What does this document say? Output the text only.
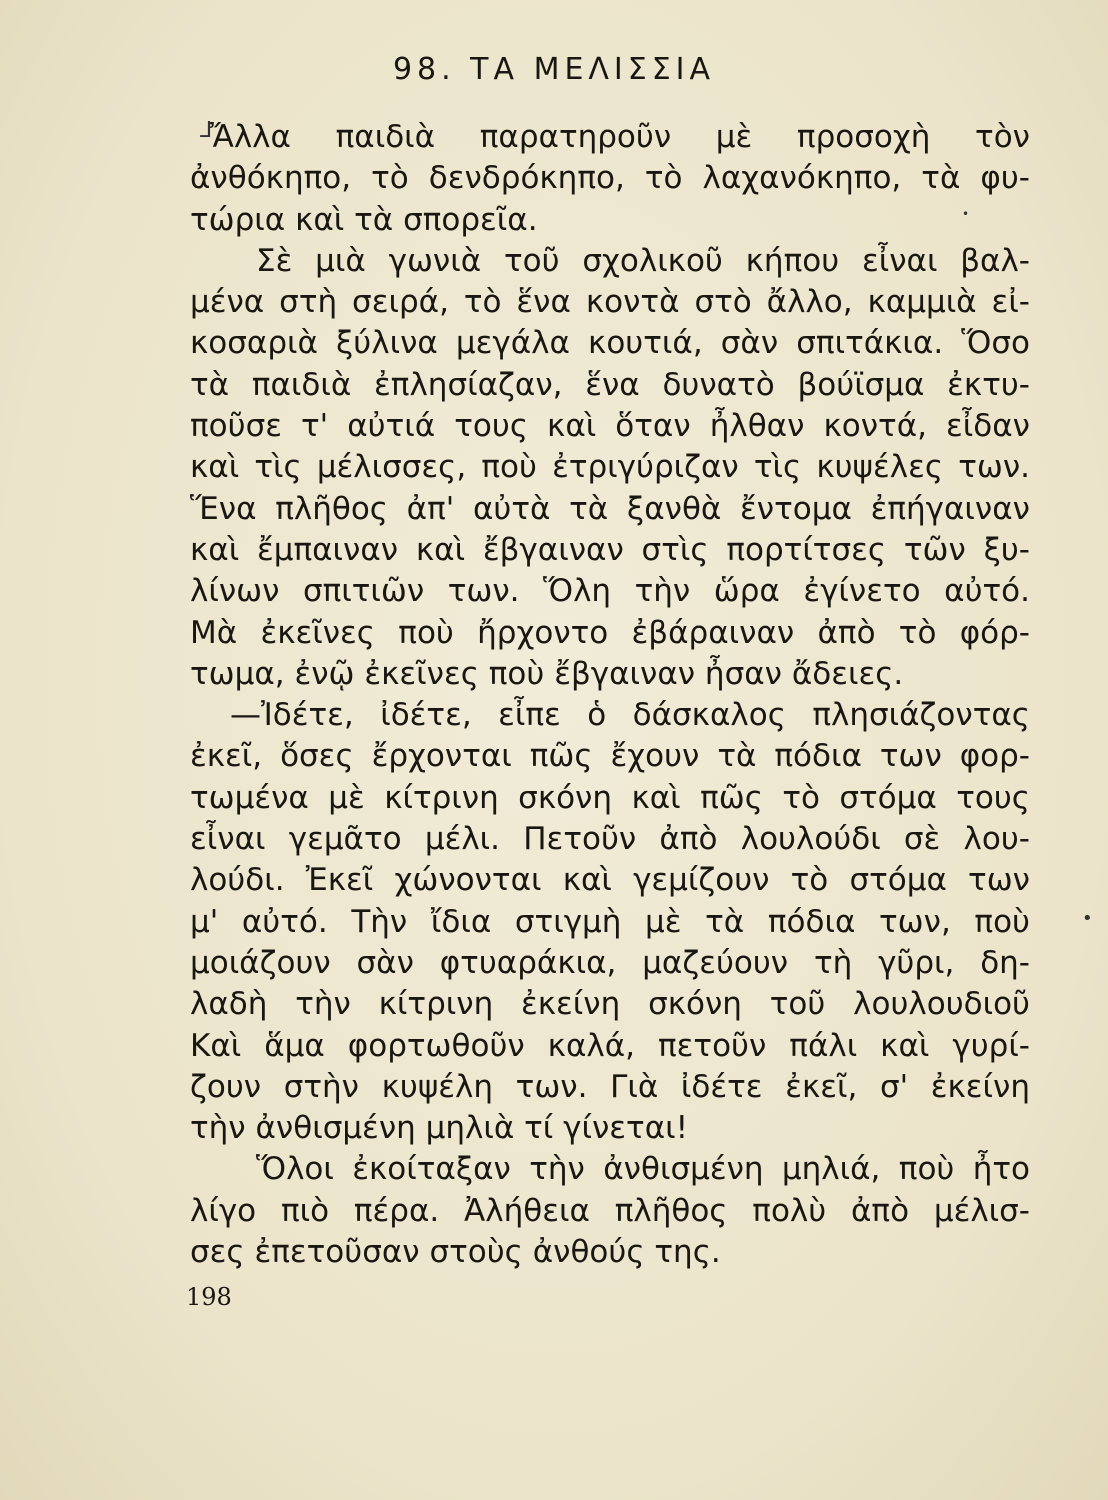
98. ΤΑ ΜΕΛΙΣΣΙΑ
⅃
Ἄλλα παιδιὰ παρατηροῦν μὲ προσοχὴ τὸν
ἀνθόκηπο, τὸ δενδρόκηπο, τὸ λαχανόκηπο, τὰ φυ-
τώρια καὶ τὰ σπορεῖα.
Σὲ μιὰ γωνιὰ τοῦ σχολικοῦ κήπου εἶναι βαλ-
μένα στὴ σειρά, τὸ ἕνα κοντὰ στὸ ἄλλο, καμμιὰ εἰ-
κοσαριὰ ξύλινα μεγάλα κουτιά, σὰν σπιτάκια. Ὅσο
τὰ παιδιὰ ἐπλησίαζαν, ἕνα δυνατὸ βούϊσμα ἐκτυ-
ποῦσε τ' αὐτιά τους καὶ ὅταν ἦλθαν κοντά, εἶδαν
καὶ τὶς μέλισσες, ποὺ ἐτριγύριζαν τὶς κυψέλες των.
Ἕνα πλῆθος ἀπ' αὐτὰ τὰ ξανθὰ ἔντομα ἐπήγαιναν
καὶ ἔμπαιναν καὶ ἔβγαιναν στὶς πορτίτσες τῶν ξυ-
λίνων σπιτιῶν των. Ὅλη τὴν ὥρα ἐγίνετο αὐτό.
Μὰ ἐκεῖνες ποὺ ἤρχοντο ἐβάραιναν ἀπὸ τὸ φόρ-
τωμα, ἐνῷ ἐκεῖνες ποὺ ἔβγαιναν ἦσαν ἄδειες.
—Ἰδέτε, ἰδέτε, εἶπε ὁ δάσκαλος πλησιάζοντας
ἐκεῖ, ὅσες ἔρχονται πῶς ἔχουν τὰ πόδια των φορ-
τωμένα μὲ κίτρινη σκόνη καὶ πῶς τὸ στόμα τους
εἶναι γεμᾶτο μέλι. Πετοῦν ἀπὸ λουλούδι σὲ λου-
λούδι. Ἐκεῖ χώνονται καὶ γεμίζουν τὸ στόμα των
μ' αὐτό. Τὴν ἴδια στιγμὴ μὲ τὰ πόδια των, ποὺ
μοιάζουν σὰν φτυαράκια, μαζεύουν τὴ γῦρι, δη-
λαδὴ τὴν κίτρινη ἐκείνη σκόνη τοῦ λουλουδιοῦ
Καὶ ἅμα φορτωθοῦν καλά, πετοῦν πάλι καὶ γυρί-
ζουν στὴν κυψέλη των. Γιὰ ἰδέτε ἐκεῖ, σ' ἐκείνη
τὴν ἀνθισμένη μηλιὰ τί γίνεται!
Ὅλοι ἐκοίταξαν τὴν ἀνθισμένη μηλιά, ποὺ ἦτο
λίγο πιὸ πέρα. Ἀλήθεια πλῆθος πολὺ ἀπὸ μέλισ-
σες ἐπετοῦσαν στοὺς ἀνθούς της.
198
•
•
